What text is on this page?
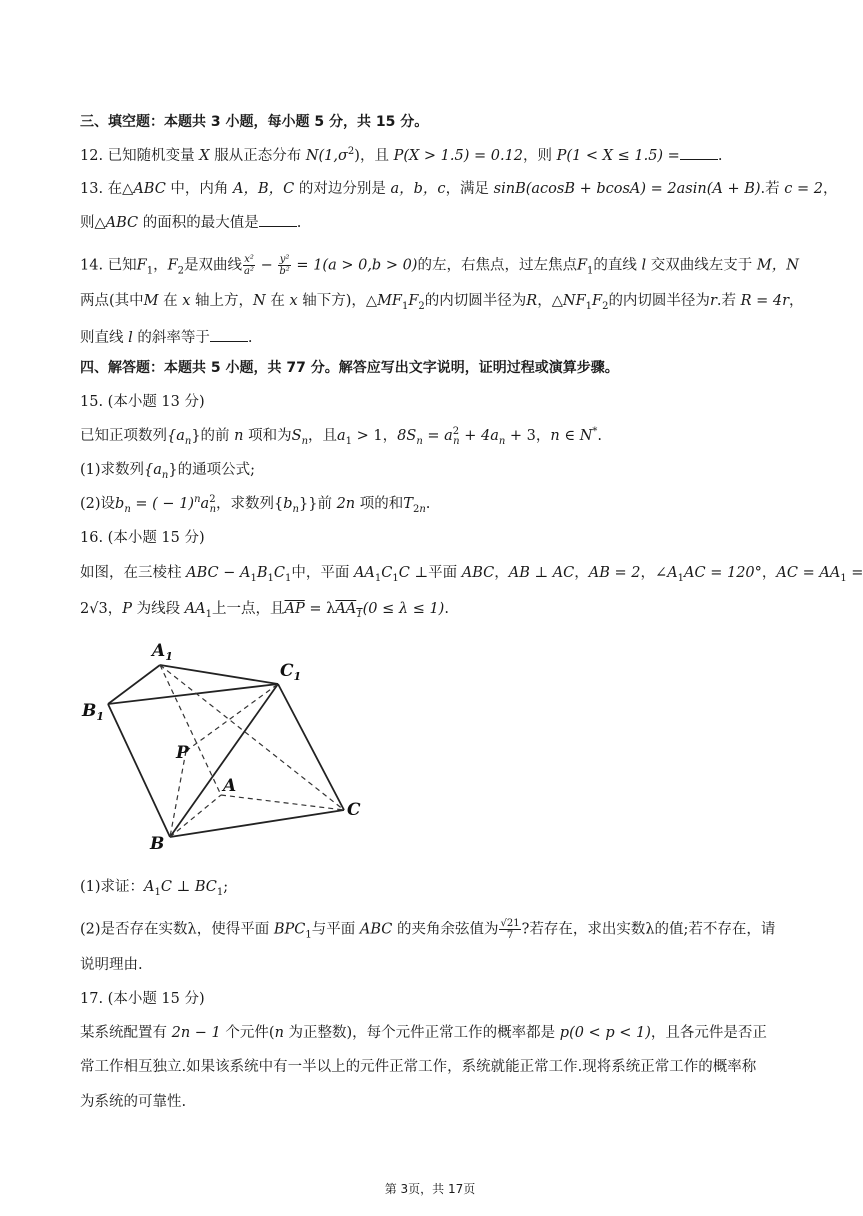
三、填空题：本题共 3 小题，每小题 5 分，共 15 分。
12. 已知随机变量 X 服从正态分布 $N(1,\sigma^2)$，且 P(X > 1.5) = 0.12，则 P(1 < X ≤ 1.5) =	.
13. 在△ABC 中，内角 A，B，C 的对边分别是 a，b，c，满足 sinB(acosB + bcosA) = 2asin(A + B).若 c = 2，
则△ABC 的面积的最大值是	.
14. 已知$F_1$，$F_2$是双曲线 $\frac{\text{x²}}{\text{a²}} - \frac{\text{y²}}{\text{b²}} = 1(a > 0,b > 0)$的左，右焦点，过左焦点$F_1$的直线 l 交双曲线左支于 M，N
两点(其中M 在 x 轴上方，N 在 x 轴下方)，$\triangle MF_1F_2$的内切圆半径为R，$\triangle NF_1F_2$的内切圆半径为r.若 R = 4r，
则直线 l 的斜率等于	.
四、解答题：本题共 5 小题，共 77 分。解答应写出文字说明，证明过程或演算步骤。
15. (本小题 13 分)
已知正项数列$\{a_n\}$的前 n 项和为$S_n$，且$a_1 > 1$，$8S_n = a^2_n + 4a_n + 3$，n ∈ N*.
(1)求数列$\{a_n\}$的通项公式;
(2)设$b_n$ = ( − $1)^na^2_n$，求数列$\{b_n\}$}前 2n 项的和$T_{2n}$.
16. (本小题 15 分)
如图，在三棱柱 ABC − $A_1B_1C_1$中，平面 $AA_1C_1C$ ⊥平面 ABC，AB ⊥ AC，AB = 2，$\angle A_1AC = 120^\circ$，AC = $AA_1$ =
2√3，P 为线段 $AA_1$上一点，且$\overline{AP} = \lambda AA_1(0 \le \lambda \le 1)$.
$A_1$
$C_1$
$B_1$
P
A
C
B
(1)求证：$A_1C$ ⊥ $BC_1$;
(2)是否存在实数λ，使得平面 $BPC_1$与平面 ABC 的夹角余弦值为 $\frac{√21}{7}$ ?若存在，求出实数λ的值;若不存在，请
说明理由.
17. (本小题 15 分)
某系统配置有 2n − 1 个元件(n 为正整数)，每个元件正常工作的概率都是 p(0 < p < 1)，且各元件是否正
常工作相互独立.如果该系统中有一半以上的元件正常工作，系统就能正常工作.现将系统正常工作的概率称
为系统的可靠性.
第 3页，共 17页
